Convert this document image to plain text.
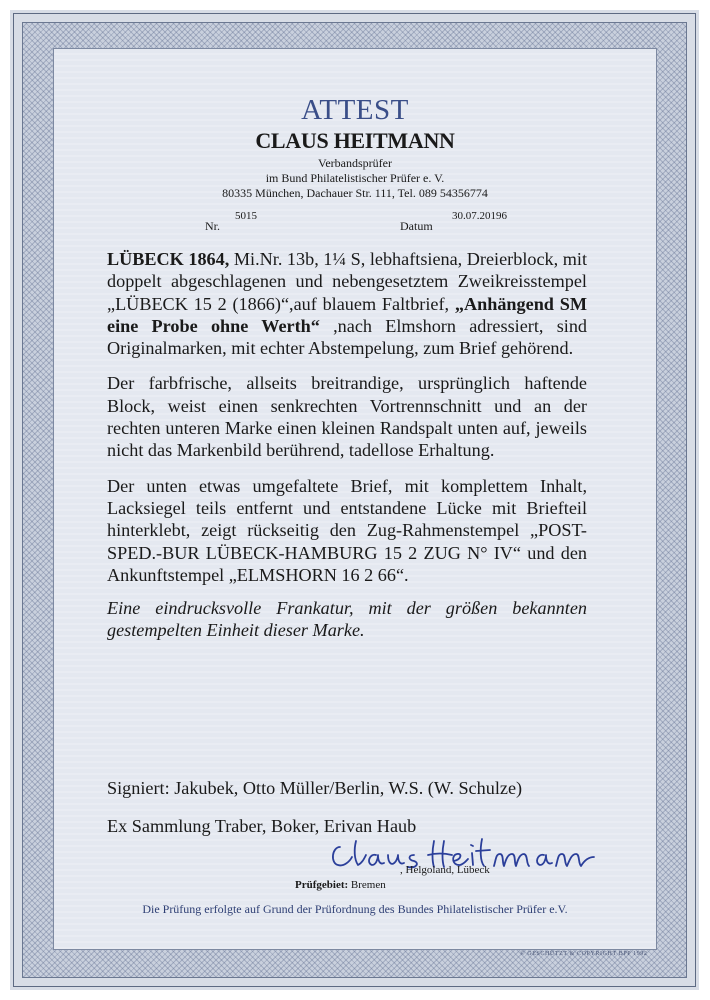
ATTEST
CLAUS HEITMANN
Verbandsprüfer
im Bund Philatelistischer Prüfer e. V.
80335 München, Dachauer Str. 111, Tel. 089 54356774
Nr.
5015
Datum
30.07.20196

LÜBECK 1864, Mi.Nr. 13b, 1¼ S, lebhaftsiena, Dreierblock, mit doppelt abgeschlagenen und nebengesetztem Zweikreisstempel „LÜBECK 15 2 (1866)“,auf blauem Faltbrief, „Anhängend SM eine Probe ohne Werth“ ,nach Elmshorn adressiert, sind Originalmarken, mit echter Abstempelung, zum Brief gehörend.

Der farbfrische, allseits breitrandige, ursprünglich haftende Block, weist einen senkrechten Vortrennschnitt und an der rechten unteren Marke einen kleinen Randspalt unten auf, jeweils nicht das Markenbild berührend, tadellose Erhaltung.

Der unten etwas umgefaltete Brief, mit komplettem Inhalt, Lacksiegel teils entfernt und entstandene Lücke mit Briefteil hinterklebt, zeigt rückseitig den Zug-Rahmenstempel „POST-SPED.-BUR LÜBECK-HAMBURG 15 2 ZUG N° IV“ und den Ankunftstempel „ELMSHORN 16 2 66“.

Eine eindrucksvolle Frankatur, mit der größen bekannten gestempelten Einheit dieser Marke.

Signiert: Jakubek, Otto Müller/Berlin, W.S. (W. Schulze)
Ex Sammlung Traber, Boker, Erivan Haub
, Helgoland, Lübeck
Prüfgebiet: Bremen
Die Prüfung erfolgte auf Grund der Prüfordnung des Bundes Philatelistischer Prüfer e.V.
© GESCHÜTZT & COPYRIGHT BPP 1992
